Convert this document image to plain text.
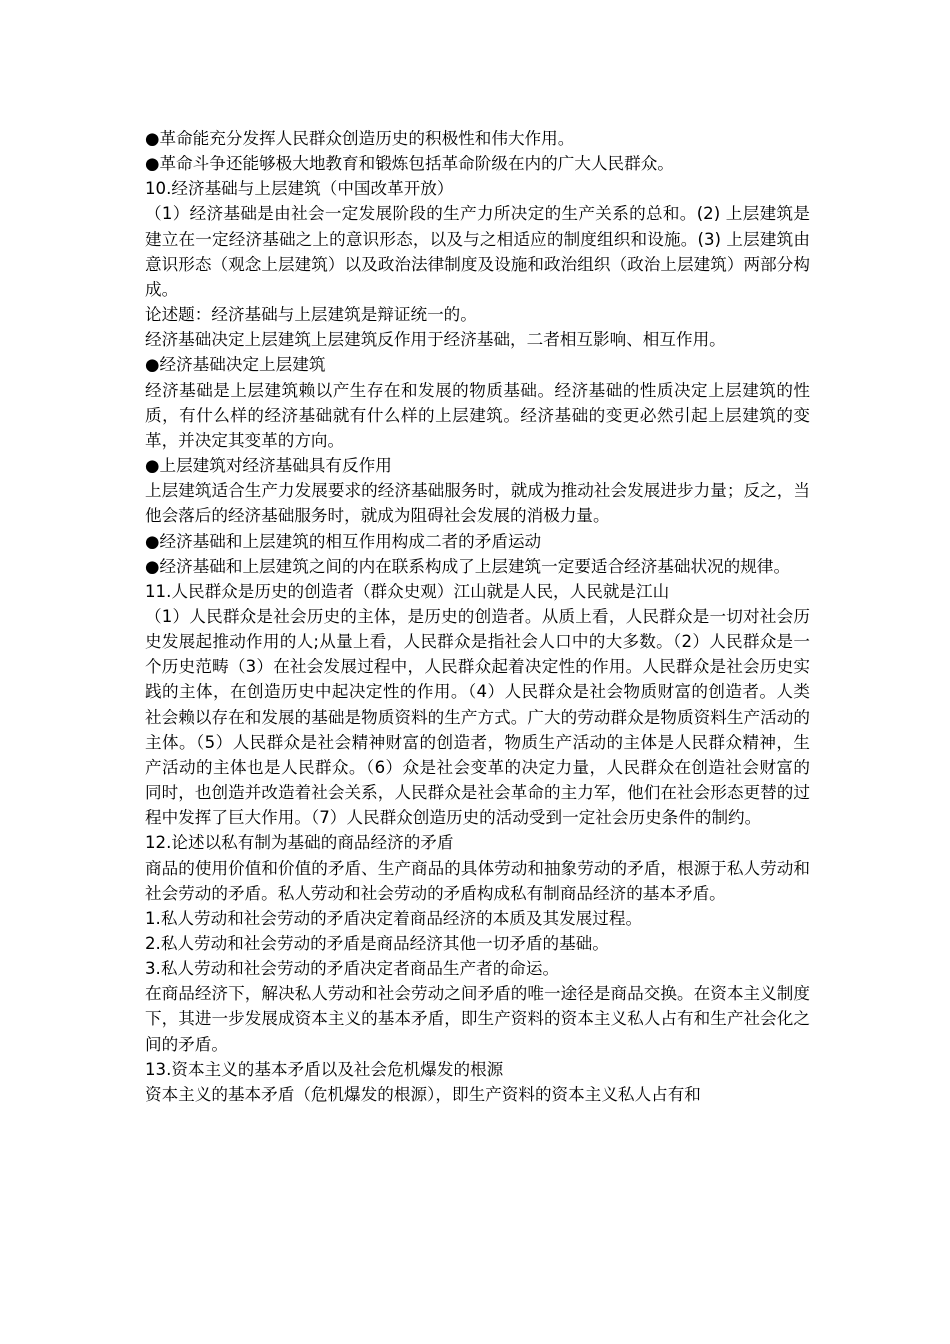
●革命能充分发挥人民群众创造历史的积极性和伟大作用。

●革命斗争还能够极大地教育和锻炼包括革命阶级在内的广大人民群众。

10.经济基础与上层建筑（中国改革开放）

（1）经济基础是由社会一定发展阶段的生产力所决定的生产关系的总和。(2) 上层建筑是建立在一定经济基础之上的意识形态，以及与之相适应的制度组织和设施。(3) 上层建筑由意识形态（观念上层建筑）以及政治法律制度及设施和政治组织（政治上层建筑）两部分构成。

论述题：经济基础与上层建筑是辩证统一的。

经济基础决定上层建筑上层建筑反作用于经济基础，二者相互影响、相互作用。

●经济基础决定上层建筑

经济基础是上层建筑赖以产生存在和发展的物质基础。经济基础的性质决定上层建筑的性质，有什么样的经济基础就有什么样的上层建筑。经济基础的变更必然引起上层建筑的变革，并决定其变革的方向。

●上层建筑对经济基础具有反作用

上层建筑适合生产力发展要求的经济基础服务时，就成为推动社会发展进步力量；反之，当他会落后的经济基础服务时，就成为阻碍社会发展的消极力量。

●经济基础和上层建筑的相互作用构成二者的矛盾运动

●经济基础和上层建筑之间的内在联系构成了上层建筑一定要适合经济基础状况的规律。

11.人民群众是历史的创造者（群众史观）江山就是人民，人民就是江山

（1）人民群众是社会历史的主体，是历史的创造者。从质上看，人民群众是一切对社会历史发展起推动作用的人;从量上看，人民群众是指社会人口中的大多数。（2）人民群众是一个历史范畴（3）在社会发展过程中，人民群众起着决定性的作用。人民群众是社会历史实践的主体，在创造历史中起决定性的作用。（4）人民群众是社会物质财富的创造者。人类社会赖以存在和发展的基础是物质资料的生产方式。广大的劳动群众是物质资料生产活动的主体。（5）人民群众是社会精神财富的创造者，物质生产活动的主体是人民群众精神，生产活动的主体也是人民群众。（6）众是社会变革的决定力量，人民群众在创造社会财富的同时，也创造并改造着社会关系，人民群众是社会革命的主力军，他们在社会形态更替的过程中发挥了巨大作用。（7）人民群众创造历史的活动受到一定社会历史条件的制约。

12.论述以私有制为基础的商品经济的矛盾

商品的使用价值和价值的矛盾、生产商品的具体劳动和抽象劳动的矛盾，根源于私人劳动和社会劳动的矛盾。私人劳动和社会劳动的矛盾构成私有制商品经济的基本矛盾。

1.私人劳动和社会劳动的矛盾决定着商品经济的本质及其发展过程。

2.私人劳动和社会劳动的矛盾是商品经济其他一切矛盾的基础。

3.私人劳动和社会劳动的矛盾决定者商品生产者的命运。

在商品经济下，解决私人劳动和社会劳动之间矛盾的唯一途径是商品交换。在资本主义制度下，其进一步发展成资本主义的基本矛盾，即生产资料的资本主义私人占有和生产社会化之间的矛盾。

13.资本主义的基本矛盾以及社会危机爆发的根源

资本主义的基本矛盾（危机爆发的根源），即生产资料的资本主义私人占有和
